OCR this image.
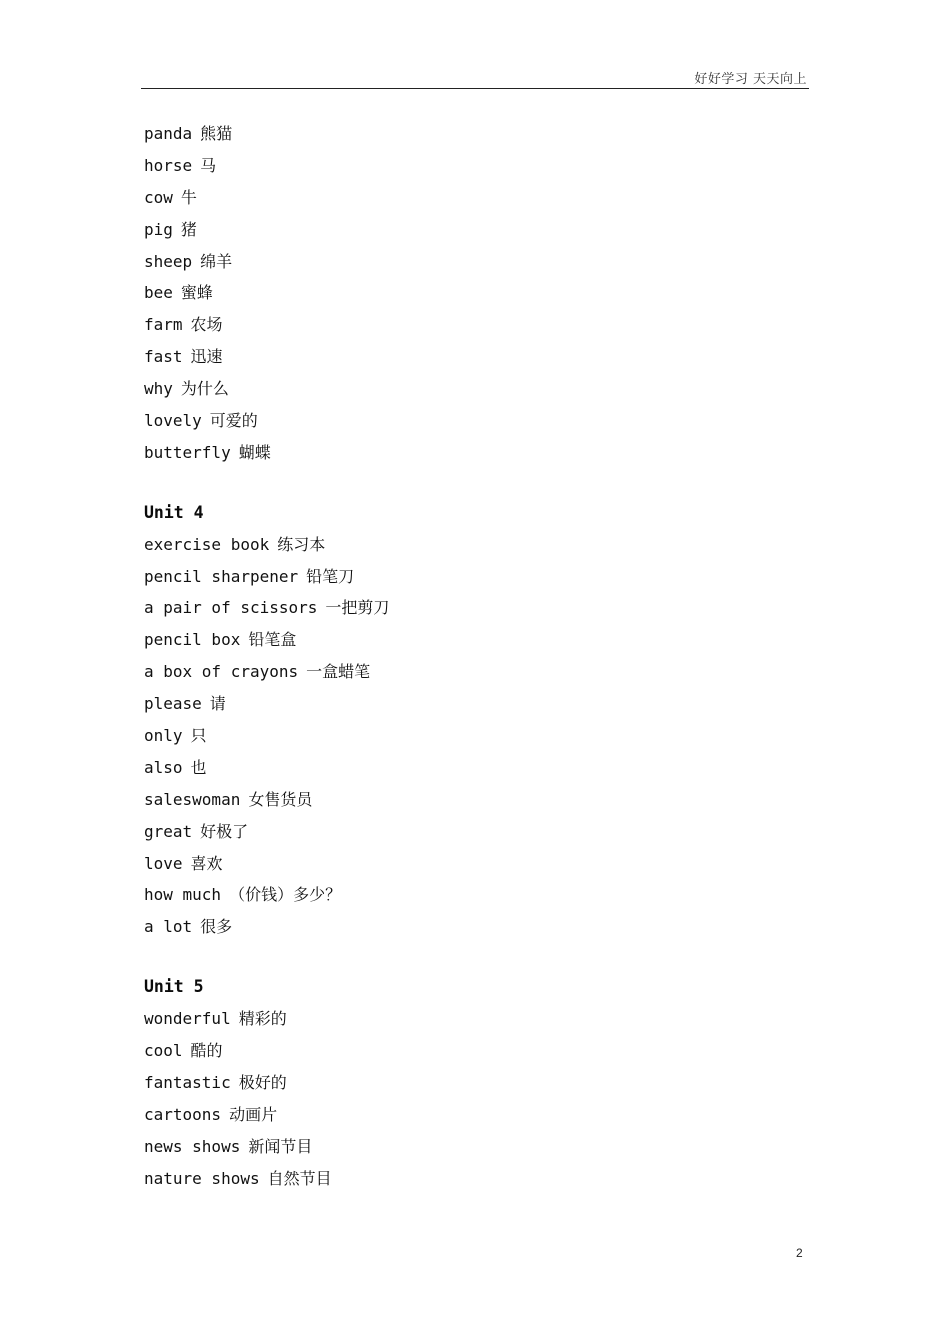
好好学习 天天向上
panda 熊猫
horse 马
cow 牛
pig 猪
sheep 绵羊
bee 蜜蜂
farm 农场
fast 迅速
why 为什么
lovely 可爱的
butterfly 蝴蝶
Unit 4
exercise book 练习本
pencil sharpener 铅笔刀
a pair of scissors 一把剪刀
pencil box 铅笔盒
a box of crayons 一盒蜡笔
please 请
only 只
also 也
saleswoman 女售货员
great 好极了
love 喜欢
how much （价钱）多少？
a lot 很多
Unit 5
wonderful 精彩的
cool 酷的
fantastic 极好的
cartoons 动画片
news shows 新闻节目
nature shows 自然节目
2
